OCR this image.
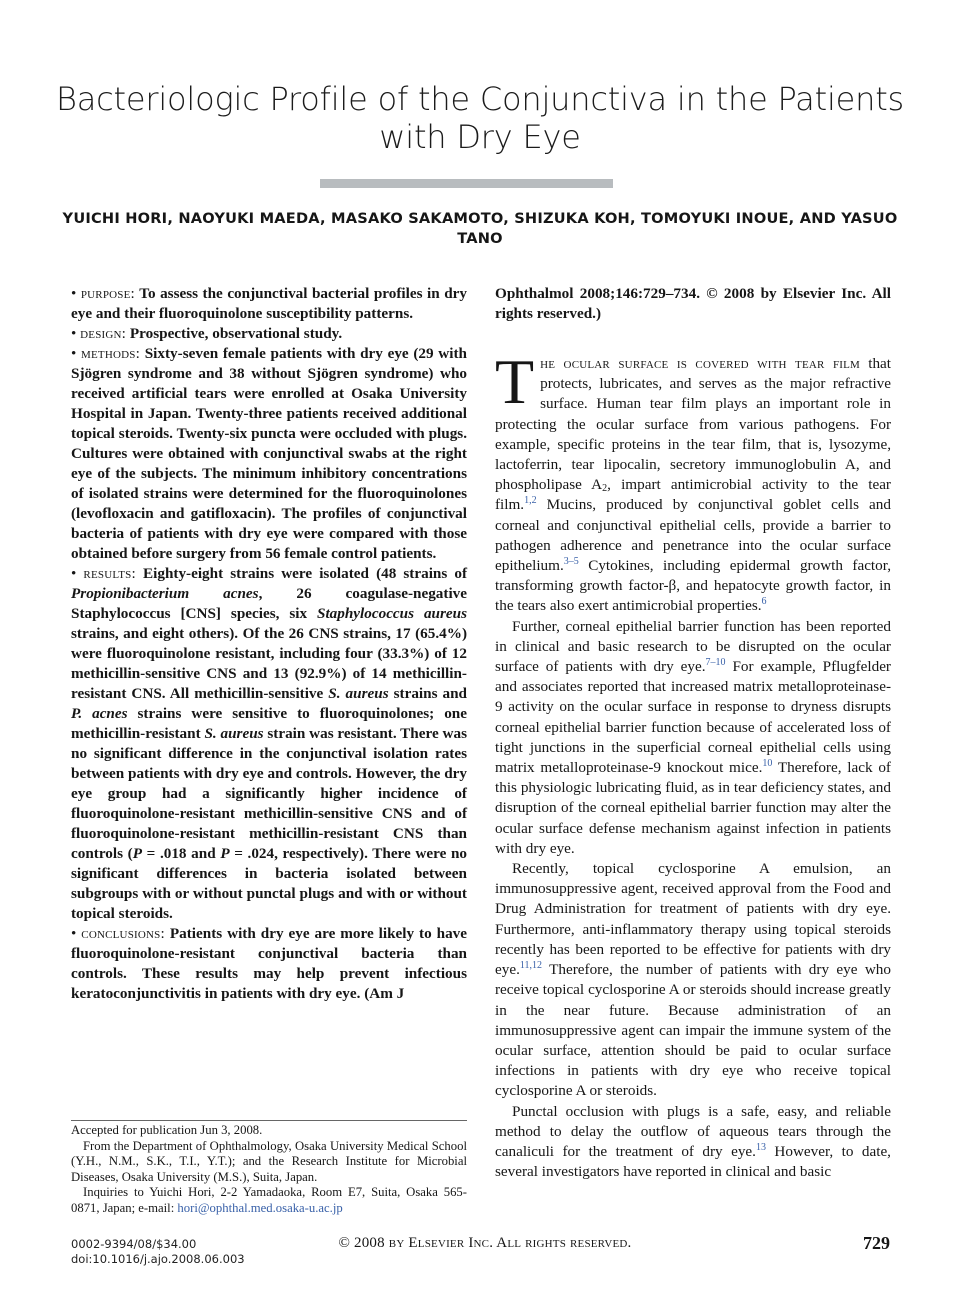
Bacteriologic Profile of the Conjunctiva in the Patients with Dry Eye
YUICHI HORI, NAOYUKI MAEDA, MASAKO SAKAMOTO, SHIZUKA KOH, TOMOYUKI INOUE, AND YASUO TANO

• purpose: To assess the conjunctival bacterial profiles in dry eye and their fluoroquinolone susceptibility patterns.

• design: Prospective, observational study.

• methods: Sixty-seven female patients with dry eye (29 with Sjögren syndrome and 38 without Sjögren syndrome) who received artificial tears were enrolled at Osaka University Hospital in Japan. Twenty-three patients received additional topical steroids. Twenty-six puncta were occluded with plugs. Cultures were obtained with conjunctival swabs at the right eye of the subjects. The minimum inhibitory concentrations of isolated strains were determined for the fluoroquinolones (levofloxacin and gatifloxacin). The profiles of conjunctival bacteria of patients with dry eye were compared with those obtained before surgery from 56 female control patients.

• results: Eighty-eight strains were isolated (48 strains of Propionibacterium acnes, 26 coagulase-negative Staphylococcus [CNS] species, six Staphylococcus aureus strains, and eight others). Of the 26 CNS strains, 17 (65.4%) were fluoroquinolone resistant, including four (33.3%) of 12 methicillin-sensitive CNS and 13 (92.9%) of 14 methicillin-resistant CNS. All methicillin-sensitive S. aureus strains and P. acnes strains were sensitive to fluoroquinolones; one methicillin-resistant S. aureus strain was resistant. There was no significant difference in the conjunctival isolation rates between patients with dry eye and controls. However, the dry eye group had a significantly higher incidence of fluoroquinolone-resistant methicillin-sensitive CNS and of fluoroquinolone-resistant methicillin-resistant CNS than controls (P = .018 and P = .024, respectively). There were no significant differences in bacteria isolated between subgroups with or without punctal plugs and with or without topical steroids.

• conclusions: Patients with dry eye are more likely to have fluoroquinolone-resistant conjunctival bacteria than controls. These results may help prevent infectious keratoconjunctivitis in patients with dry eye. (Am J

Accepted for publication Jun 3, 2008.

From the Department of Ophthalmology, Osaka University Medical School (Y.H., N.M., S.K., T.I., Y.T.); and the Research Institute for Microbial Diseases, Osaka University (M.S.), Suita, Japan.

Inquiries to Yuichi Hori, 2-2 Yamadaoka, Room E7, Suita, Osaka 565-0871, Japan; e-mail: hori@ophthal.med.osaka-u.ac.jp

Ophthalmol 2008;146:729–734. © 2008 by Elsevier Inc. All rights reserved.)

The ocular surface is covered with tear film that protects, lubricates, and serves as the major refractive surface. Human tear film plays an important role in protecting the ocular surface from various pathogens. For example, specific proteins in the tear film, that is, lysozyme, lactoferrin, tear lipocalin, secretory immunoglobulin A, and phospholipase $A_2$, impart antimicrobial activity to the tear film.$^{1,2}$ Mucins, produced by conjunctival goblet cells and corneal and conjunctival epithelial cells, provide a barrier to pathogen adherence and penetrance into the ocular surface epithelium.$^{3-5}$ Cytokines, including epidermal growth factor, transforming growth factor-β, and hepatocyte growth factor, in the tears also exert antimicrobial properties.$^6$

Further, corneal epithelial barrier function has been reported in clinical and basic research to be disrupted on the ocular surface of patients with dry eye.$^{7-10}$ For example, Pflugfelder and associates reported that increased matrix metalloproteinase-9 activity on the ocular surface in response to dryness disrupts corneal epithelial barrier function because of accelerated loss of tight junctions in the superficial corneal epithelial cells using matrix metalloproteinase-9 knockout mice.$^{10}$ Therefore, lack of this physiologic lubricating fluid, as in tear deficiency states, and disruption of the corneal epithelial barrier function may alter the ocular surface defense mechanism against infection in patients with dry eye.

Recently, topical cyclosporine A emulsion, an immunosuppressive agent, received approval from the Food and Drug Administration for treatment of patients with dry eye. Furthermore, anti-inflammatory therapy using topical steroids recently has been reported to be effective for patients with dry eye.$^{11,12}$ Therefore, the number of patients with dry eye who receive topical cyclosporine A or steroids should increase greatly in the near future. Because administration of an immunosuppressive agent can impair the immune system of the ocular surface, attention should be paid to ocular surface infections in patients with dry eye who receive topical cyclosporine A or steroids.

Punctal occlusion with plugs is a safe, easy, and reliable method to delay the outflow of aqueous tears through the canaliculi for the treatment of dry eye.$^{13}$ However, to date, several investigators have reported in clinical and basic

0002-9394/08/$34.00
doi:10.1016/j.ajo.2008.06.003
© 2008 by Elsevier Inc. All rights reserved.	729
